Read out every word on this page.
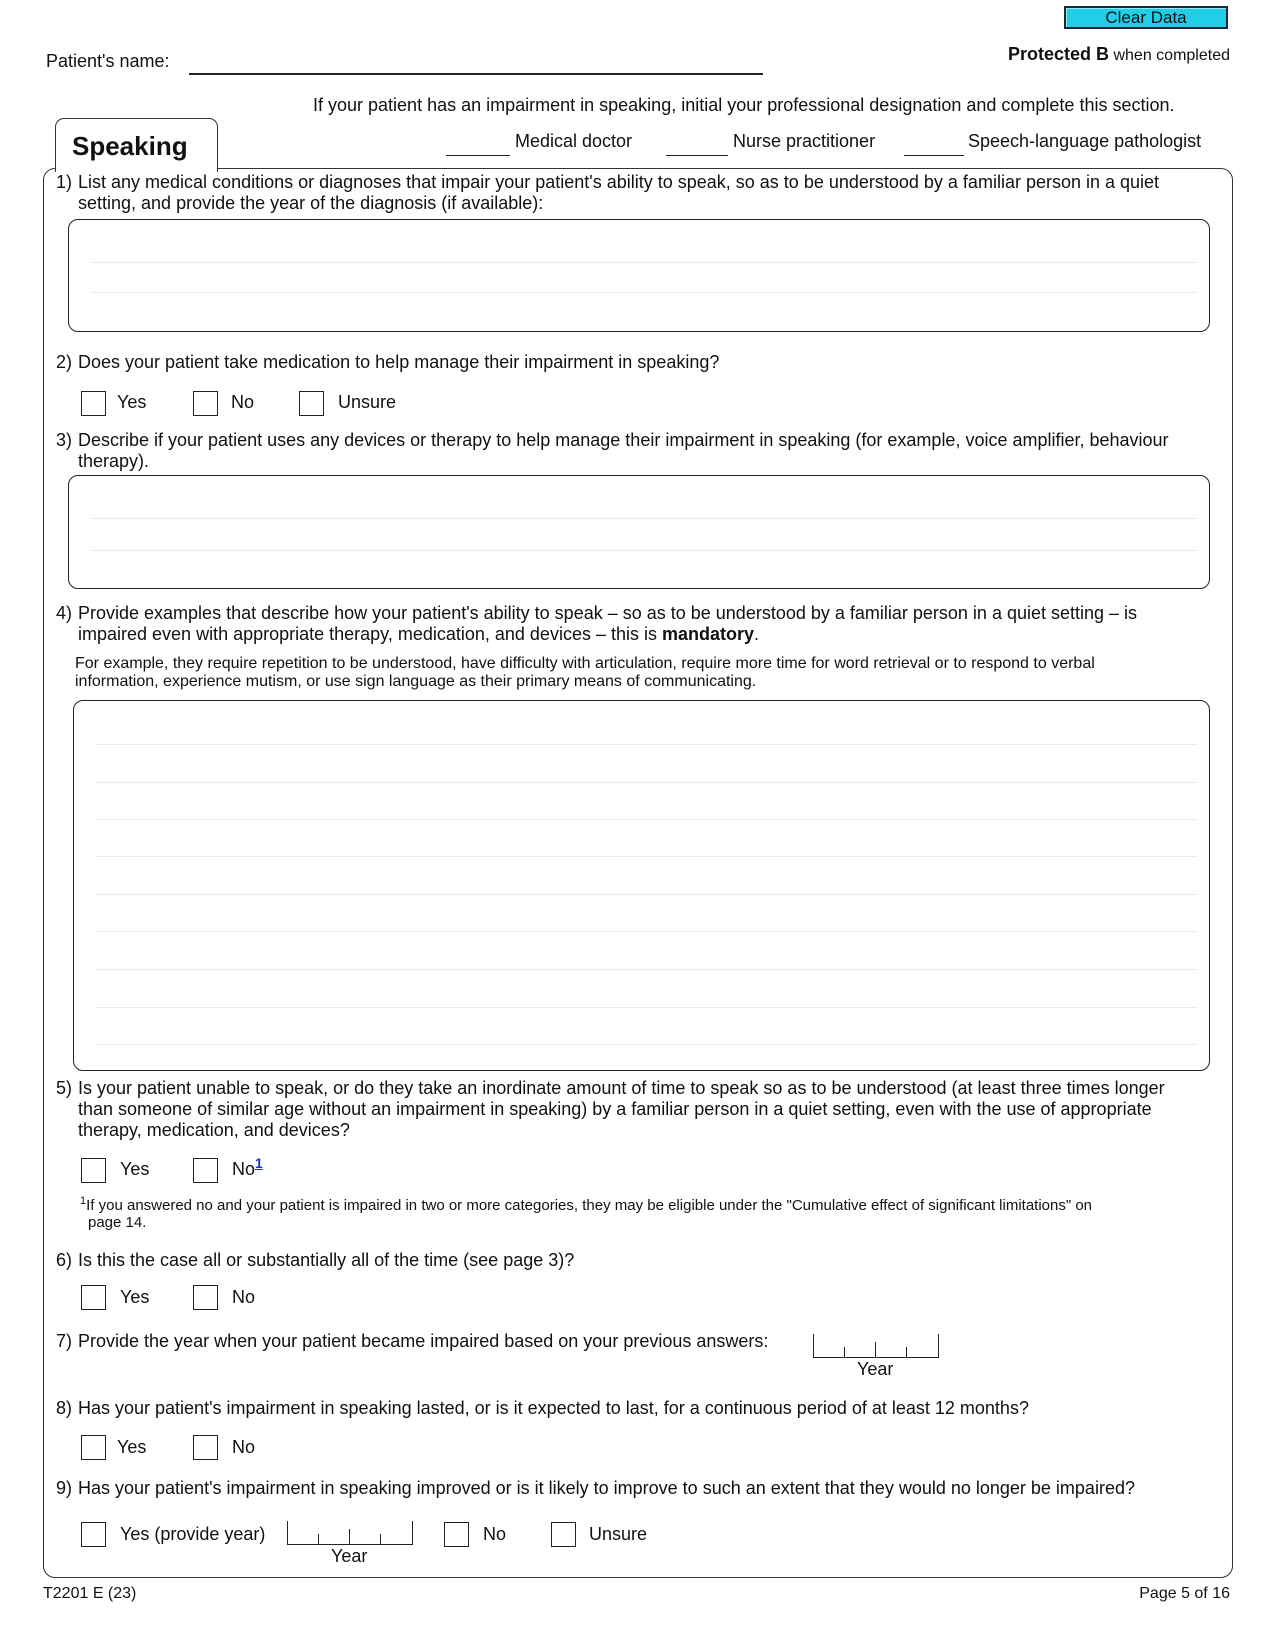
Clear Data
Patient's name:	Protected B when completed
If your patient has an impairment in speaking, initial your professional designation and complete this section.
Speaking	Medical doctor	Nurse practitioner	Speech-language pathologist
1) List any medical conditions or diagnoses that impair your patient's ability to speak, so as to be understood by a familiar person in a quiet
setting, and provide the year of the diagnosis (if available):
2) Does your patient take medication to help manage their impairment in speaking?
Yes	No	Unsure
3) Describe if your patient uses any devices or therapy to help manage their impairment in speaking (for example, voice amplifier, behaviour
therapy).
4) Provide examples that describe how your patient's ability to speak – so as to be understood by a familiar person in a quiet setting – is
impaired even with appropriate therapy, medication, and devices – this is mandatory.
For example, they require repetition to be understood, have difficulty with articulation, require more time for word retrieval or to respond to verbal
information, experience mutism, or use sign language as their primary means of communicating.
5) Is your patient unable to speak, or do they take an inordinate amount of time to speak so as to be understood (at least three times longer
than someone of similar age without an impairment in speaking) by a familiar person in a quiet setting, even with the use of appropriate
therapy, medication, and devices?
Yes	No$^1$
$^1$If you answered no and your patient is impaired in two or more categories, they may be eligible under the "Cumulative effect of significant limitations" on
page 14.
6) Is this the case all or substantially all of the time (see page 3)?
Yes	No
7) Provide the year when your patient became impaired based on your previous answers:
Year
8) Has your patient's impairment in speaking lasted, or is it expected to last, for a continuous period of at least 12 months?
Yes	No
9) Has your patient's impairment in speaking improved or is it likely to improve to such an extent that they would no longer be impaired?
Yes (provide year)
Year
No	Unsure
T2201 E (23)	Page 5 of 16
